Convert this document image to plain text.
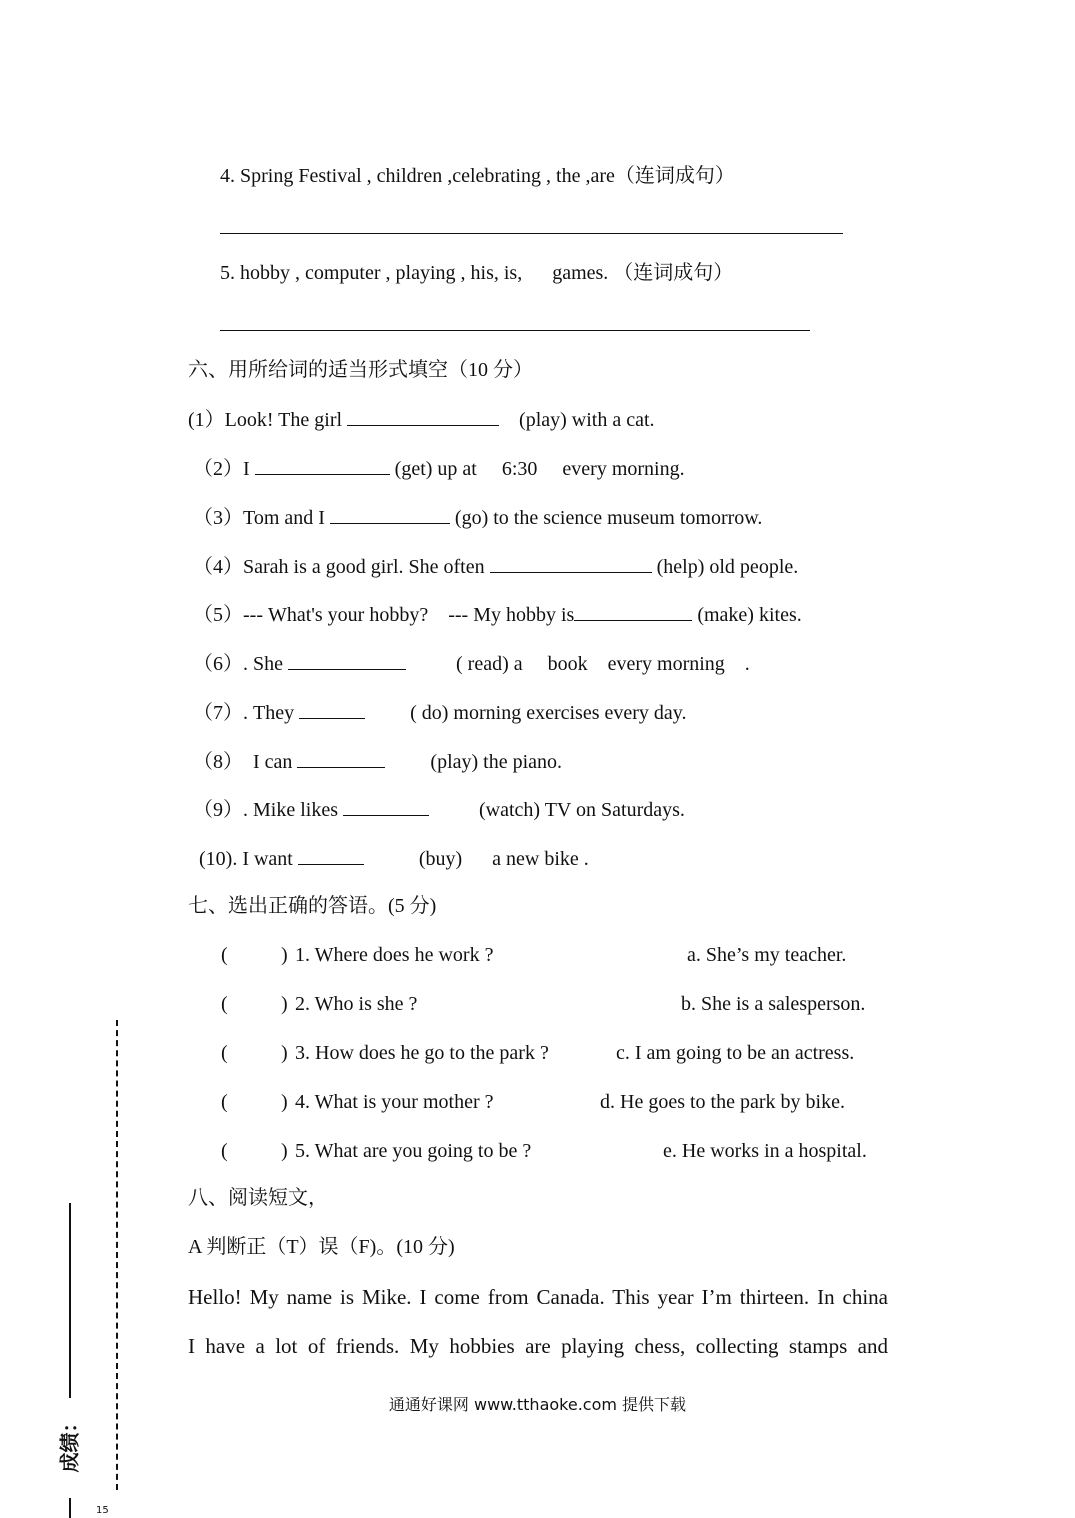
4. Spring Festival , children ,celebrating , the ,are（连词成句）
5. hobby , computer , playing , his, is,      games. （连词成句）
六、用所给词的适当形式填空（10 分）
(1）Look! The girl	(play) with a cat.
（2）I	(get) up at     6:30     every morning.
（3）Tom and I	(go) to the science museum tomorrow.
（4）Sarah is a good girl. She often	(help) old people.
（5）--- What's your hobby?    --- My hobby is	(make) kites.
（6）. She	( read) a     book    every morning    .
（7）. They	( do) morning exercises every day.
（8）  I can	(play) the piano.
（9）. Mike likes	(watch) TV on Saturdays.
(10). I want	(buy)      a new bike .
七、选出正确的答语。(5 分)
(	) 1. Where does he work ?	a. She’s my teacher.
(	) 2. Who is she ?	b. She is a salesperson.
(	) 3. How does he go to the park ?	c. I am going to be an actress.
(	) 4. What is your mother ?	d. He goes to the park by bike.
(	) 5. What are you going to be ?	e. He works in a hospital.
八、阅读短文，
A 判断正（T）误（F)。(10 分)
Hello! My name is Mike. I come from Canada. This year I’m thirteen. In china
I have a lot of friends. My hobbies are playing chess, collecting stamps and
通通好课网 www.tthaoke.com 提供下载
成绩：
15
